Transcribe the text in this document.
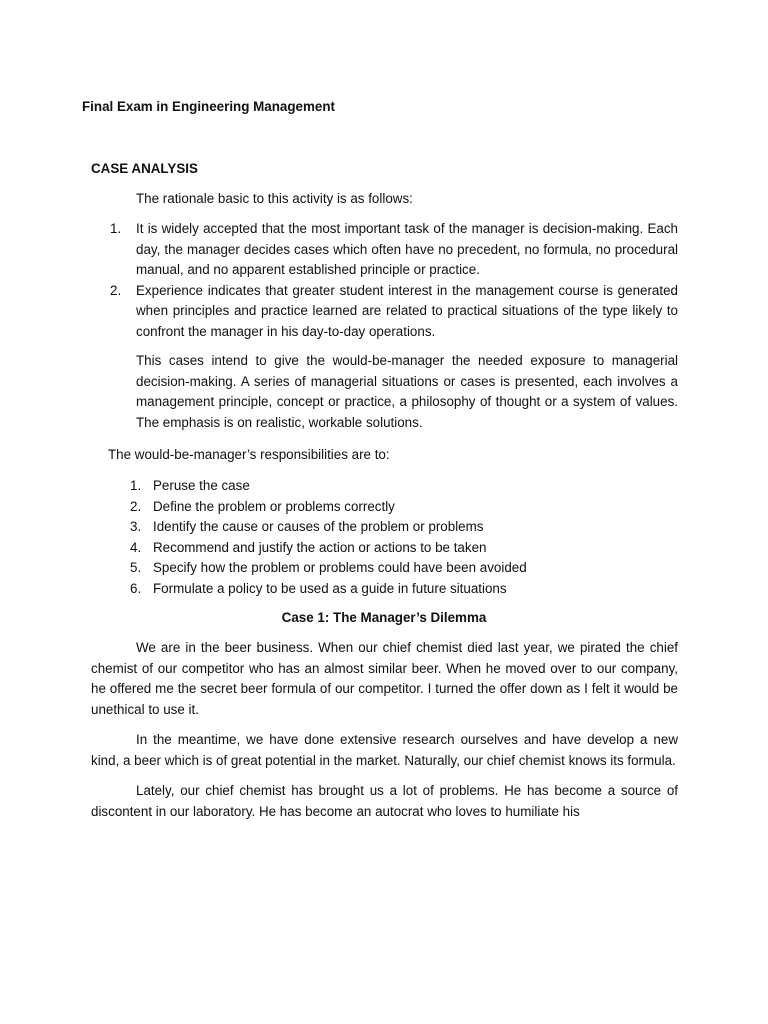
Final Exam in Engineering Management

CASE ANALYSIS

The rationale basic to this activity is as follows:

1. It is widely accepted that the most important task of the manager is decision-making. Each day, the manager decides cases which often have no precedent, no formula, no procedural manual, and no apparent established principle or practice.
2. Experience indicates that greater student interest in the management course is generated when principles and practice learned are related to practical situations of the type likely to confront the manager in his day-to-day operations.

This cases intend to give the would-be-manager the needed exposure to managerial decision-making. A series of managerial situations or cases is presented, each involves a management principle, concept or practice, a philosophy of thought or a system of values. The emphasis is on realistic, workable solutions.

The would-be-manager’s responsibilities are to:

1. Peruse the case
2. Define the problem or problems correctly
3. Identify the cause or causes of the problem or problems
4. Recommend and justify the action or actions to be taken
5. Specify how the problem or problems could have been avoided
6. Formulate a policy to be used as a guide in future situations

Case 1: The Manager’s Dilemma

We are in the beer business. When our chief chemist died last year, we pirated the chief chemist of our competitor who has an almost similar beer. When he moved over to our company, he offered me the secret beer formula of our competitor. I turned the offer down as I felt it would be unethical to use it.

In the meantime, we have done extensive research ourselves and have develop a new kind, a beer which is of great potential in the market. Naturally, our chief chemist knows its formula.

Lately, our chief chemist has brought us a lot of problems. He has become a source of discontent in our laboratory. He has become an autocrat who loves to humiliate his
